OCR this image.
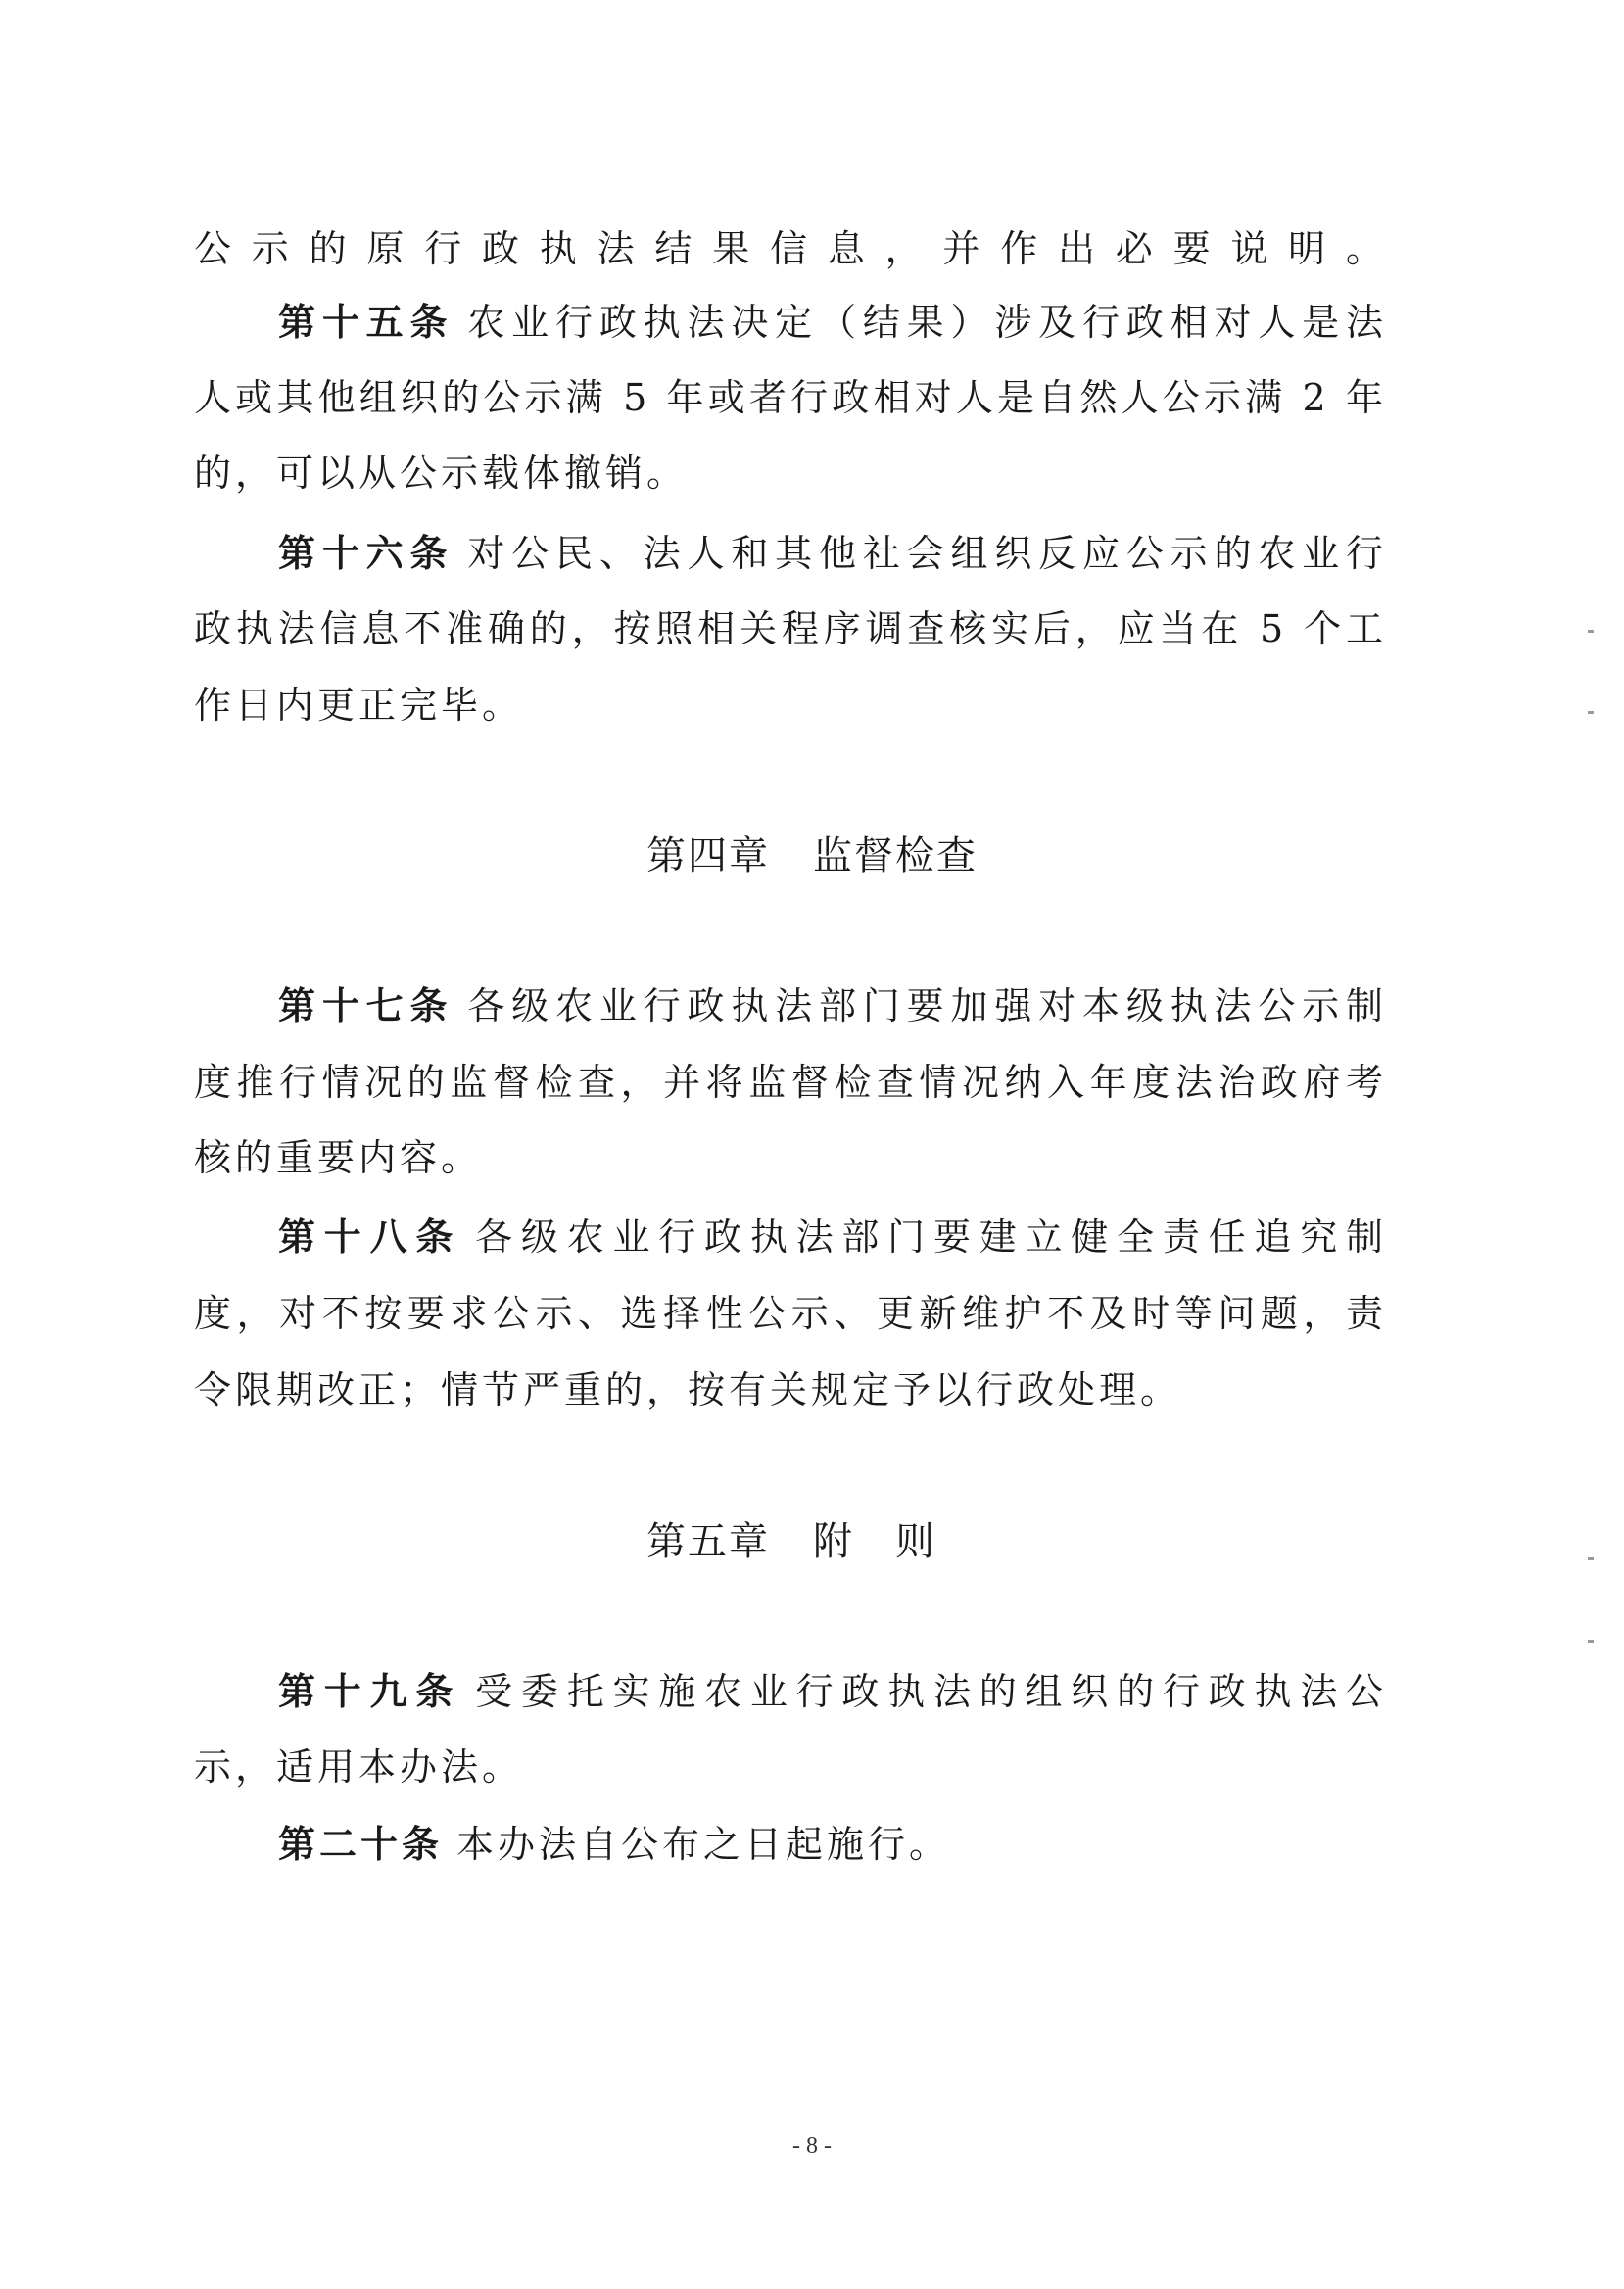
公示的原行政执法结果信息，并作出必要说明。
第十五条 农业行政执法决定（结果）涉及行政相对人是法
人或其他组织的公示满 5 年或者行政相对人是自然人公示满 2 年
的，可以从公示载体撤销。
第十六条 对公民、法人和其他社会组织反应公示的农业行
政执法信息不准确的，按照相关程序调查核实后，应当在 5 个工
作日内更正完毕。
第四章 监督检查
第十七条 各级农业行政执法部门要加强对本级执法公示制
度推行情况的监督检查，并将监督检查情况纳入年度法治政府考
核的重要内容。
第十八条 各级农业行政执法部门要建立健全责任追究制
度，对不按要求公示、选择性公示、更新维护不及时等问题，责
令限期改正；情节严重的，按有关规定予以行政处理。
第五章 附则
第十九条 受委托实施农业行政执法的组织的行政执法公
示，适用本办法。
第二十条 本办法自公布之日起施行。
- 8 -
